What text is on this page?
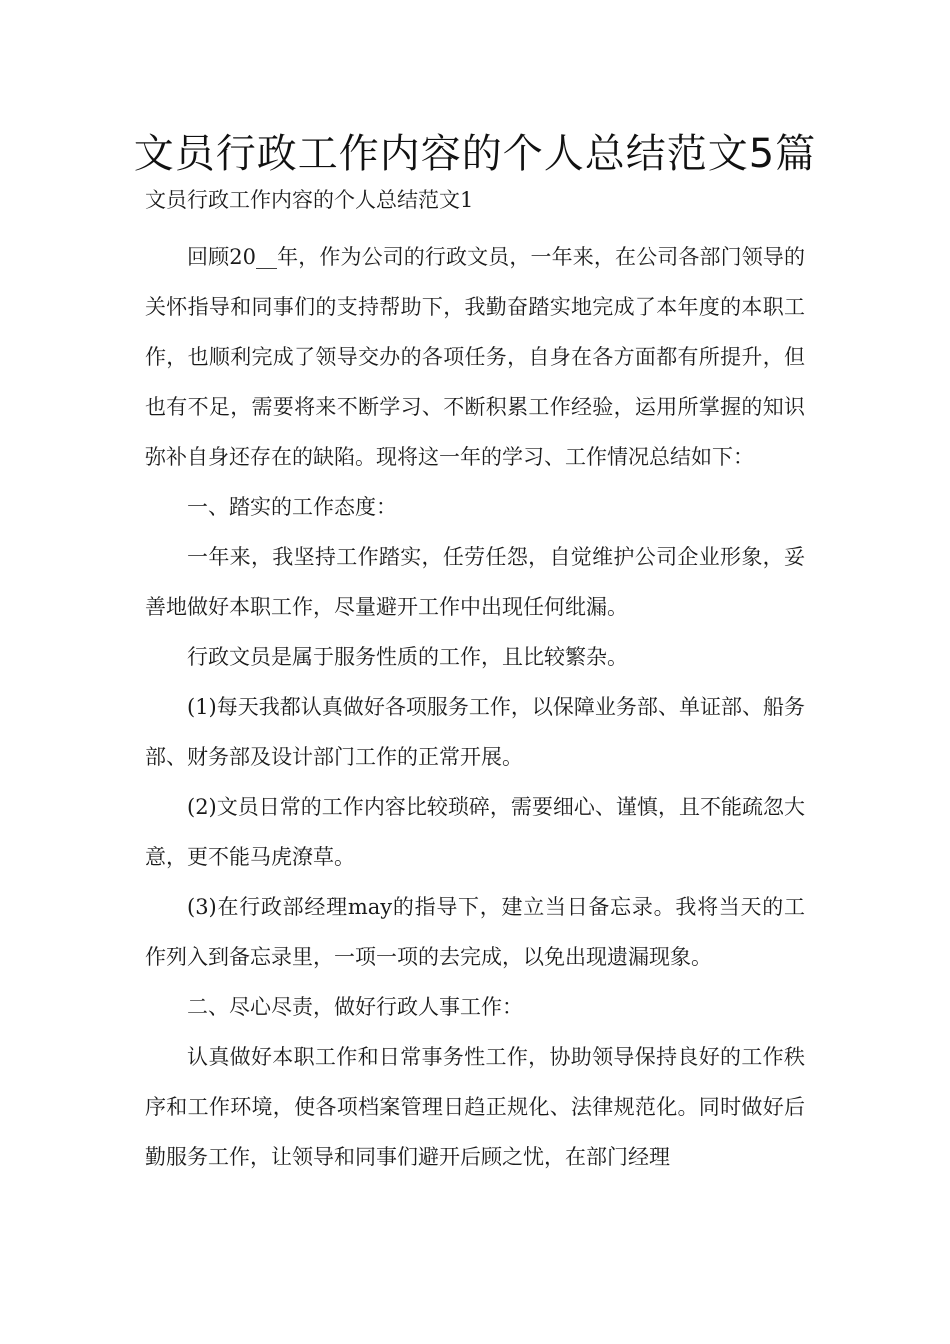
文员行政工作内容的个人总结范文5篇
文员行政工作内容的个人总结范文1

回顾20__年，作为公司的行政文员，一年来，在公司各部门领导的关怀指导和同事们的支持帮助下，我勤奋踏实地完成了本年度的本职工作，也顺利完成了领导交办的各项任务，自身在各方面都有所提升，但也有不足，需要将来不断学习、不断积累工作经验，运用所掌握的知识弥补自身还存在的缺陷。现将这一年的学习、工作情况总结如下：

一、踏实的工作态度：

一年来，我坚持工作踏实，任劳任怨，自觉维护公司企业形象，妥善地做好本职工作，尽量避开工作中出现任何纰漏。

行政文员是属于服务性质的工作，且比较繁杂。

(1)每天我都认真做好各项服务工作，以保障业务部、单证部、船务部、财务部及设计部门工作的正常开展。

(2)文员日常的工作内容比较琐碎，需要细心、谨慎，且不能疏忽大意，更不能马虎潦草。

(3)在行政部经理may的指导下，建立当日备忘录。我将当天的工作列入到备忘录里，一项一项的去完成，以免出现遗漏现象。

二、尽心尽责，做好行政人事工作：

认真做好本职工作和日常事务性工作，协助领导保持良好的工作秩序和工作环境，使各项档案管理日趋正规化、法律规范化。同时做好后勤服务工作，让领导和同事们避开后顾之忧，在部门经理
